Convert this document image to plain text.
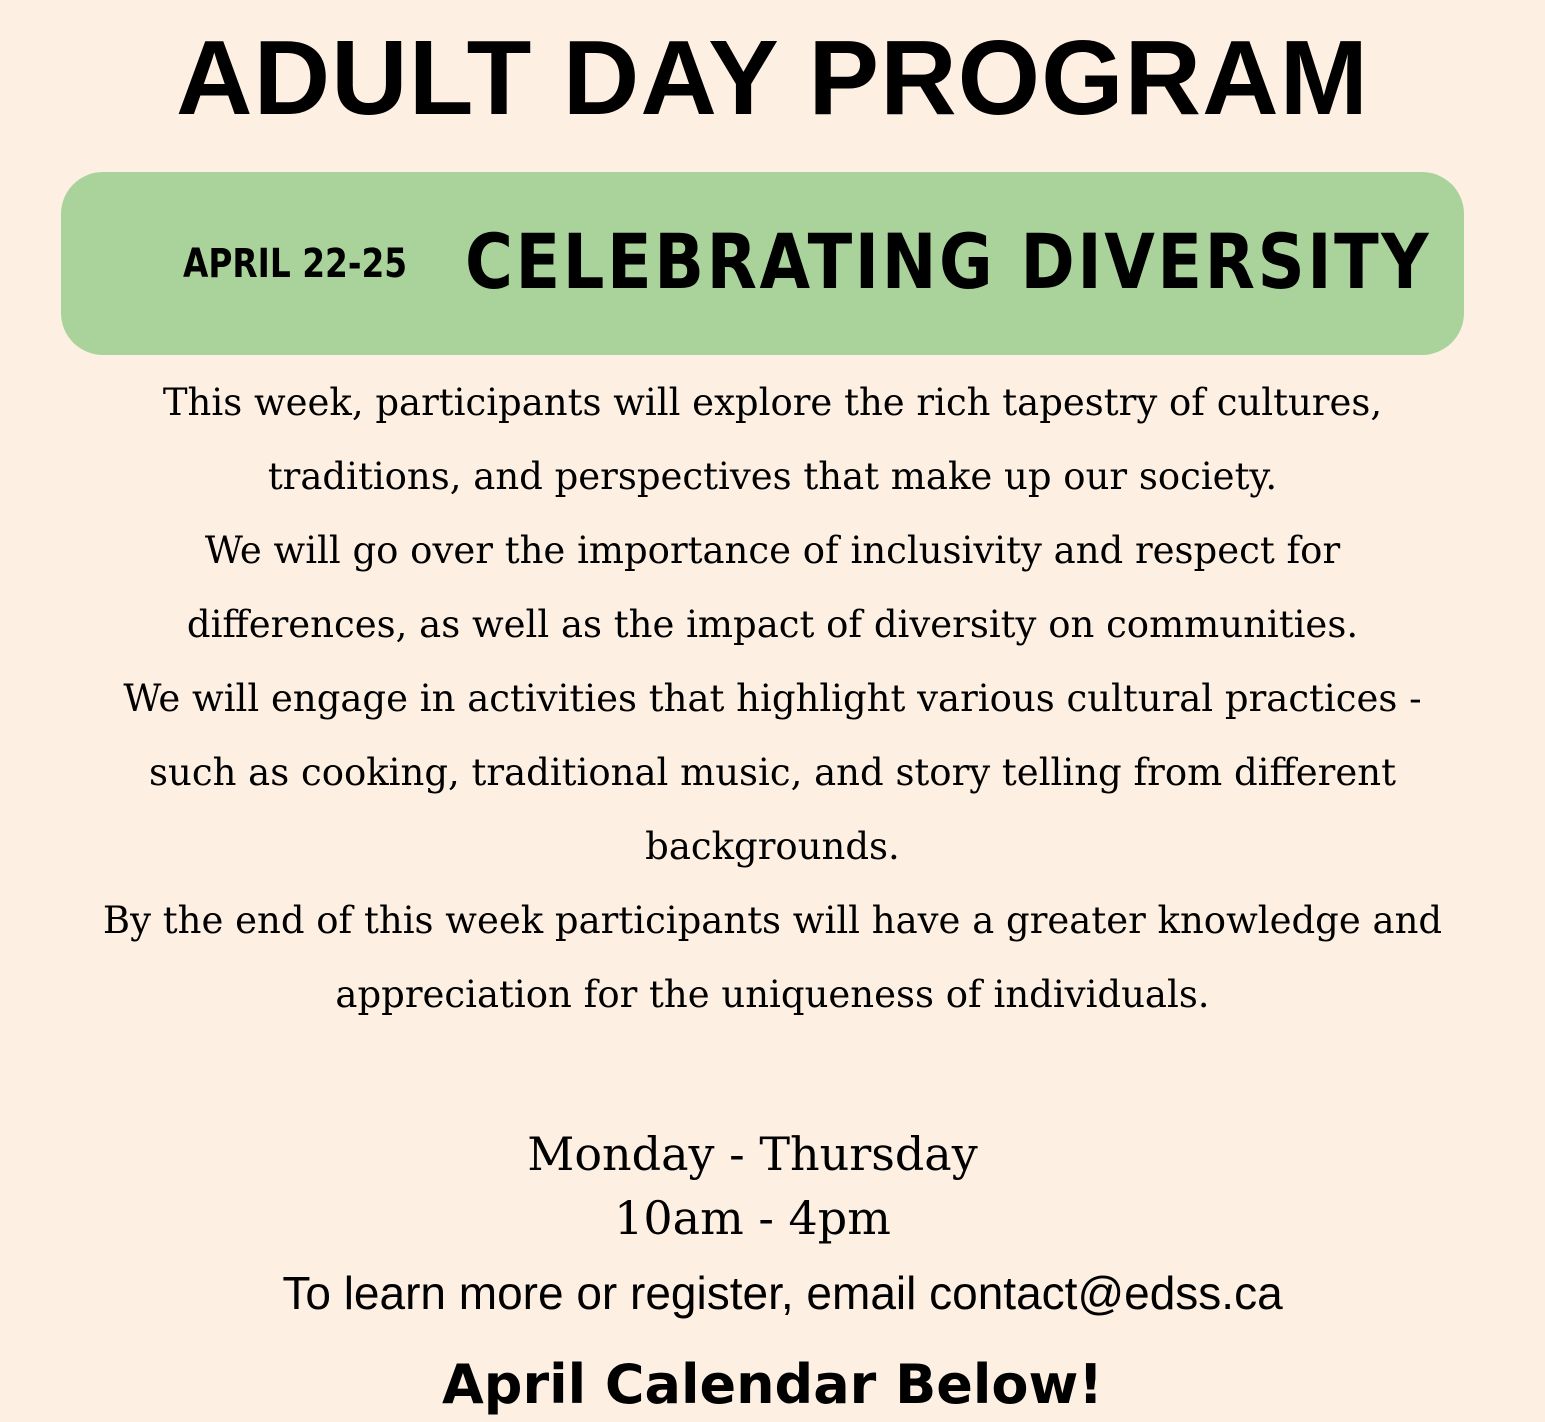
ADULT DAY PROGRAM
APRIL 22-25 CELEBRATING DIVERSITY

This week, participants will explore the rich tapestry of cultures,

traditions, and perspectives that make up our society.

We will go over the importance of inclusivity and respect for

differences, as well as the impact of diversity on communities.

We will engage in activities that highlight various cultural practices -

such as cooking, traditional music, and story telling from different

backgrounds.

By the end of this week participants will have a greater knowledge and

appreciation for the uniqueness of individuals.

Monday - Thursday
10am - 4pm
To learn more or register, email contact@edss.ca
April Calendar Below!
